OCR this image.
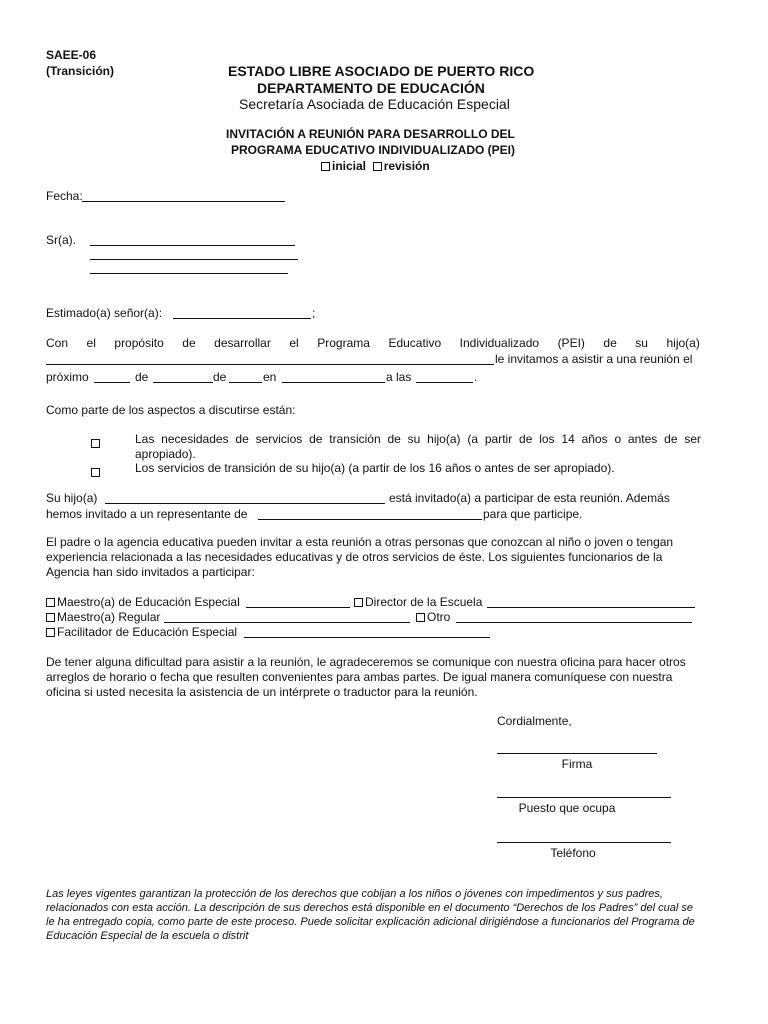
SAEE-06
(Transición)	ESTADO LIBRE ASOCIADO DE PUERTO RICO
DEPARTAMENTO DE EDUCACIÓN
Secretaría Asociada de Educación Especial
INVITACIÓN A REUNIÓN PARA DESARROLLO DEL
PROGRAMA EDUCATIVO INDIVIDUALIZADO (PEI)
inicial revisión
Fecha:
Sr(a).
Estimado(a) señor(a):	;
Con el propósito de desarrollar el Programa Educativo Individualizado (PEI) de su hijo(a)
le invitamos a asistir a una reunión el
próximo	de	de	en	a las	.
Como parte de los aspectos a discutirse están:
Las necesidades de servicios de transición de su hijo(a) (a partir de los 14 años o antes de ser
apropiado).
Los servicios de transición de su hijo(a) (a partir de los 16 años o antes de ser apropiado).
Su hijo(a)	está invitado(a) a participar de esta reunión. Además
hemos invitado a un representante de	para que participe.
El padre o la agencia educativa pueden invitar a esta reunión a otras personas que conozcan al niño o joven o tengan
experiencia relacionada a las necesidades educativas y de otros servicios de éste. Los siguientes funcionarios de la
Agencia han sido invitados a participar:
Maestro(a) de Educación Especial	Director de la Escuela
Maestro(a) Regular	Otro
Facilitador de Educación Especial
De tener alguna dificultad para asistir a la reunión, le agradeceremos se comunique con nuestra oficina para hacer otros
arreglos de horario o fecha que resulten convenientes para ambas partes. De igual manera comuníquese con nuestra
oficina si usted necesita la asistencia de un intérprete o traductor para la reunión.
Cordialmente,
Firma
Puesto que ocupa
Teléfono
Las leyes vigentes garantizan la protección de los derechos que cobijan a los niños o jóvenes con impedimentos y sus padres, relacionados con esta acción. La descripción de sus derechos está disponible en el documento “Derechos de los Padres” del cual se le ha entregado copia, como parte de este proceso. Puede solicitar explicación adicional dirigiéndose a funcionarios del Programa de Educación Especial de la escuela o distrit
